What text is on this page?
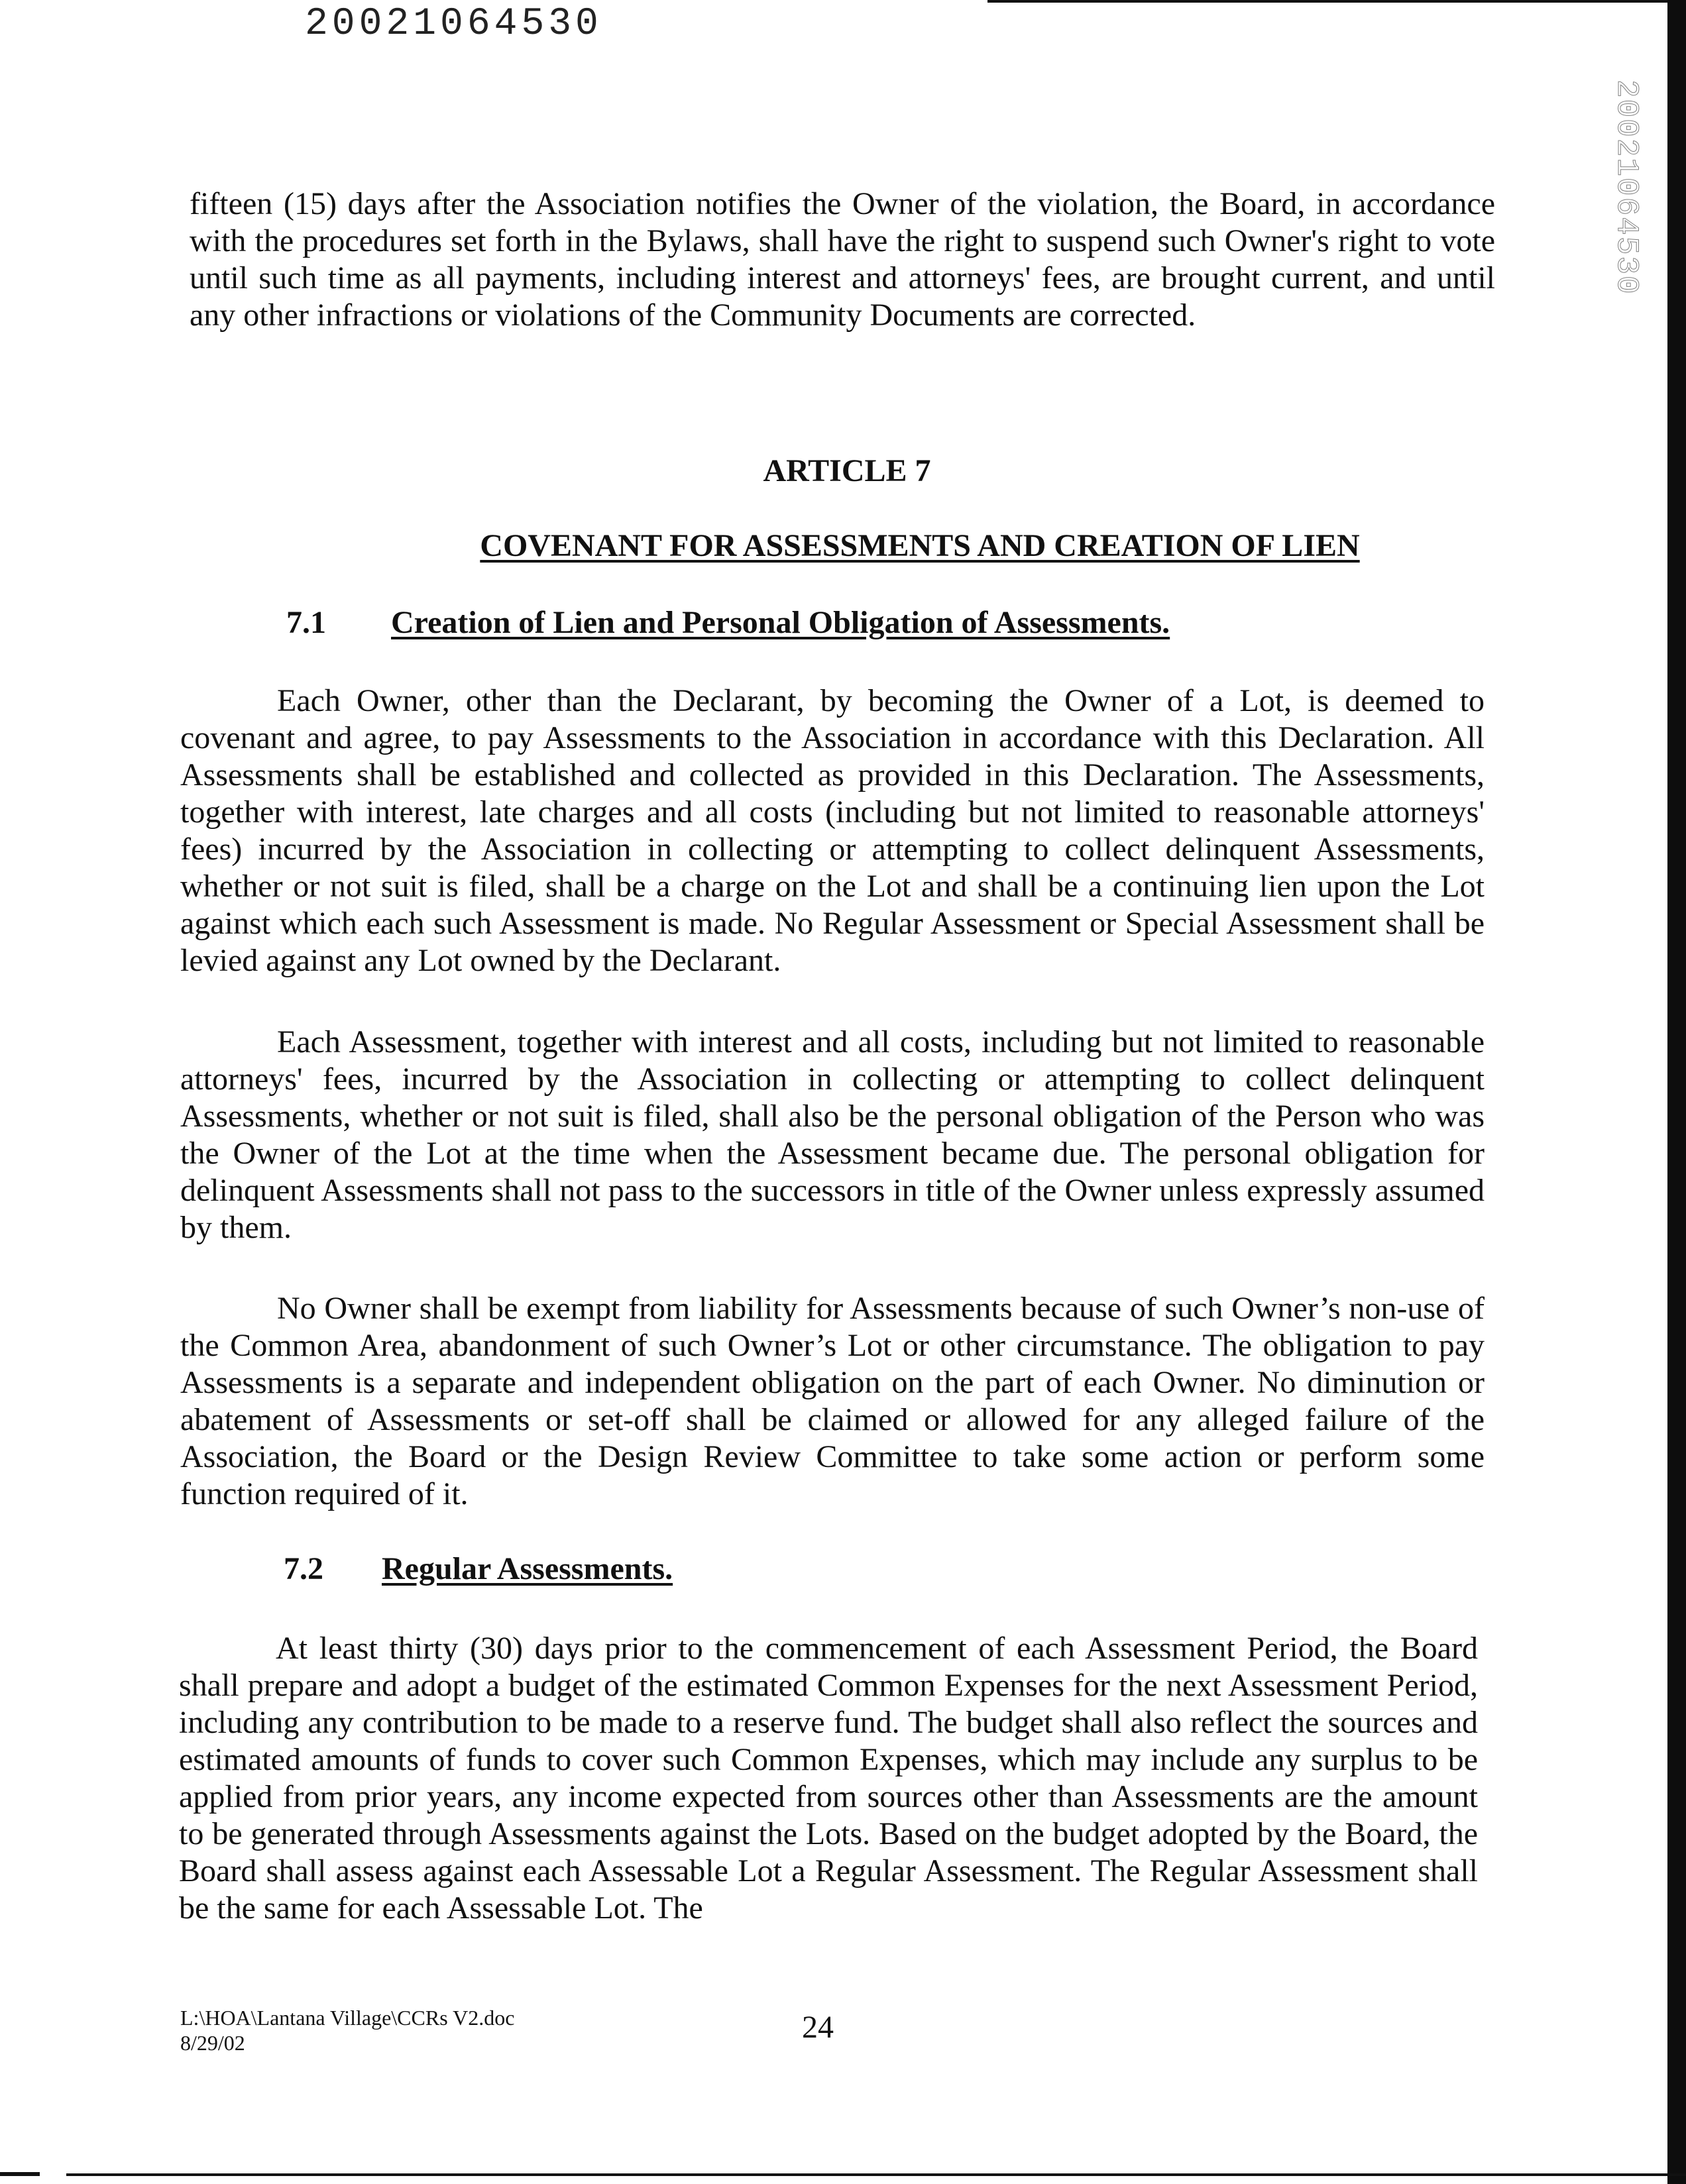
20021064530
20021064530

fifteen (15) days after the Association notifies the Owner of the violation, the Board, in accordance with the procedures set forth in the Bylaws, shall have the right to suspend such Owner's right to vote until such time as all payments, including interest and attorneys' fees, are brought current, and until any other infractions or violations of the Community Documents are corrected.

ARTICLE 7
COVENANT FOR ASSESSMENTS AND CREATION OF LIEN
7.1 Creation of Lien and Personal Obligation of Assessments.

Each Owner, other than the Declarant, by becoming the Owner of a Lot, is deemed to covenant and agree, to pay Assessments to the Association in accordance with this Declaration. All Assessments shall be established and collected as provided in this Declaration. The Assessments, together with interest, late charges and all costs (including but not limited to reasonable attorneys' fees) incurred by the Association in collecting or attempting to collect delinquent Assessments, whether or not suit is filed, shall be a charge on the Lot and shall be a continuing lien upon the Lot against which each such Assessment is made. No Regular Assessment or Special Assessment shall be levied against any Lot owned by the Declarant.

Each Assessment, together with interest and all costs, including but not limited to reasonable attorneys' fees, incurred by the Association in collecting or attempting to collect delinquent Assessments, whether or not suit is filed, shall also be the personal obligation of the Person who was the Owner of the Lot at the time when the Assessment became due. The personal obligation for delinquent Assessments shall not pass to the successors in title of the Owner unless expressly assumed by them.

No Owner shall be exempt from liability for Assessments because of such Owner’s non-use of the Common Area, abandonment of such Owner’s Lot or other circumstance. The obligation to pay Assessments is a separate and independent obligation on the part of each Owner. No diminution or abatement of Assessments or set-off shall be claimed or allowed for any alleged failure of the Association, the Board or the Design Review Committee to take some action or perform some function required of it.

7.2 Regular Assessments.

At least thirty (30) days prior to the commencement of each Assessment Period, the Board shall prepare and adopt a budget of the estimated Common Expenses for the next Assessment Period, including any contribution to be made to a reserve fund. The budget shall also reflect the sources and estimated amounts of funds to cover such Common Expenses, which may include any surplus to be applied from prior years, any income expected from sources other than Assessments are the amount to be generated through Assessments against the Lots. Based on the budget adopted by the Board, the Board shall assess against each Assessable Lot a Regular Assessment. The Regular Assessment shall be the same for each Assessable Lot. The

L:\HOA\Lantana Village\CCRs V2.doc
8/29/02	24
